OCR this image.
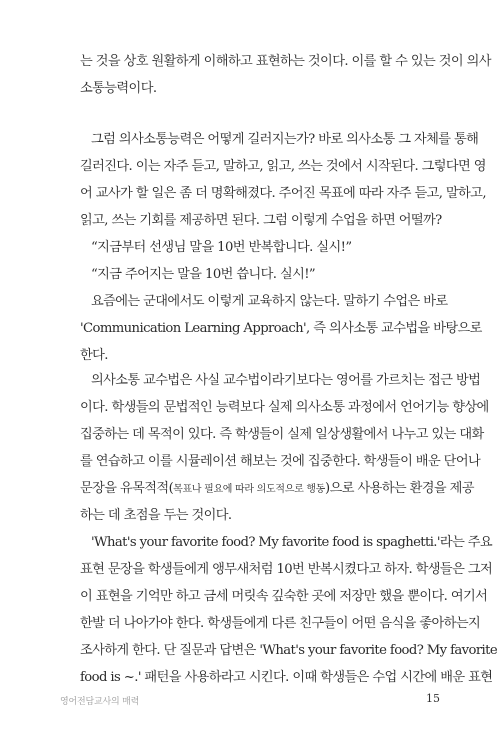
는 것을 상호 원활하게 이해하고 표현하는 것이다. 이를 할 수 있는 것이 의사

소통능력이다.

그럼 의사소통능력은 어떻게 길러지는가? 바로 의사소통 그 자체를 통해

길러진다. 이는 자주 듣고, 말하고, 읽고, 쓰는 것에서 시작된다. 그렇다면 영

어 교사가 할 일은 좀 더 명확해졌다. 주어진 목표에 따라 자주 듣고, 말하고,

읽고, 쓰는 기회를 제공하면 된다. 그럼 이렇게 수업을 하면 어떨까?

“지금부터 선생님 말을 10번 반복합니다. 실시!”

“지금 주어지는 말을 10번 씁니다. 실시!”

요즘에는 군대에서도 이렇게 교육하지 않는다. 말하기 수업은 바로

'Communication Learning Approach', 즉 의사소통 교수법을 바탕으로

한다.

의사소통 교수법은 사실 교수법이라기보다는 영어를 가르치는 접근 방법

이다. 학생들의 문법적인 능력보다 실제 의사소통 과정에서 언어기능 향상에

집중하는 데 목적이 있다. 즉 학생들이 실제 일상생활에서 나누고 있는 대화

를 연습하고 이를 시뮬레이션 해보는 것에 집중한다. 학생들이 배운 단어나

문장을 유목적적(목표나 필요에 따라 의도적으로 행동)으로 사용하는 환경을 제공

하는 데 초점을 두는 것이다.

'What's your favorite food? My favorite food is spaghetti.'라는 주요

표현 문장을 학생들에게 앵무새처럼 10번 반복시켰다고 하자. 학생들은 그저

이 표현을 기억만 하고 금세 머릿속 깊숙한 곳에 저장만 했을 뿐이다. 여기서

한발 더 나아가야 한다. 학생들에게 다른 친구들이 어떤 음식을 좋아하는지

조사하게 한다. 단 질문과 답변은 'What's your favorite food? My favorite

영어전담교사의 매력	15

food is ~.' 패턴을 사용하라고 시킨다. 이때 학생들은 수업 시간에 배운 표현
